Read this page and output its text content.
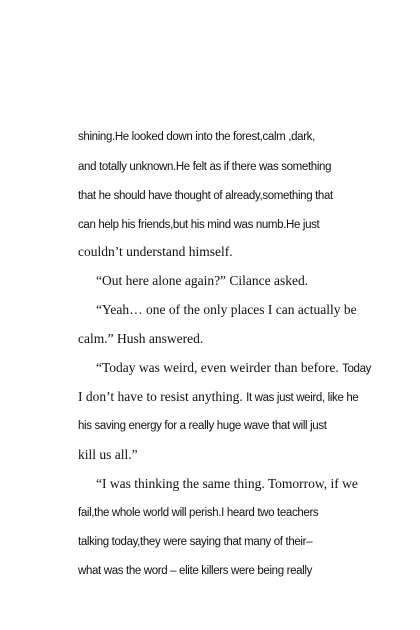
shining.He looked down into the forest,calm ,dark,
and totally unknown.He felt as if there was something
that he should have thought of already,something that
can help his friends,but his mind was numb.He just
couldn’t understand himself.
“Out here alone again?” Cilance asked.
“Yeah… one of the only places I can actually be
calm.” Hush answered.
“Today was weird, even weirder than before. Today
I don’t have to resist anything. It was just weird, like he
his saving energy for a really huge wave that will just
kill us all.”
“I was thinking the same thing. Tomorrow, if we
fail,the whole world will perish.I heard two teachers
talking today,they were saying that many of their–
what was the word – elite killers were being really
